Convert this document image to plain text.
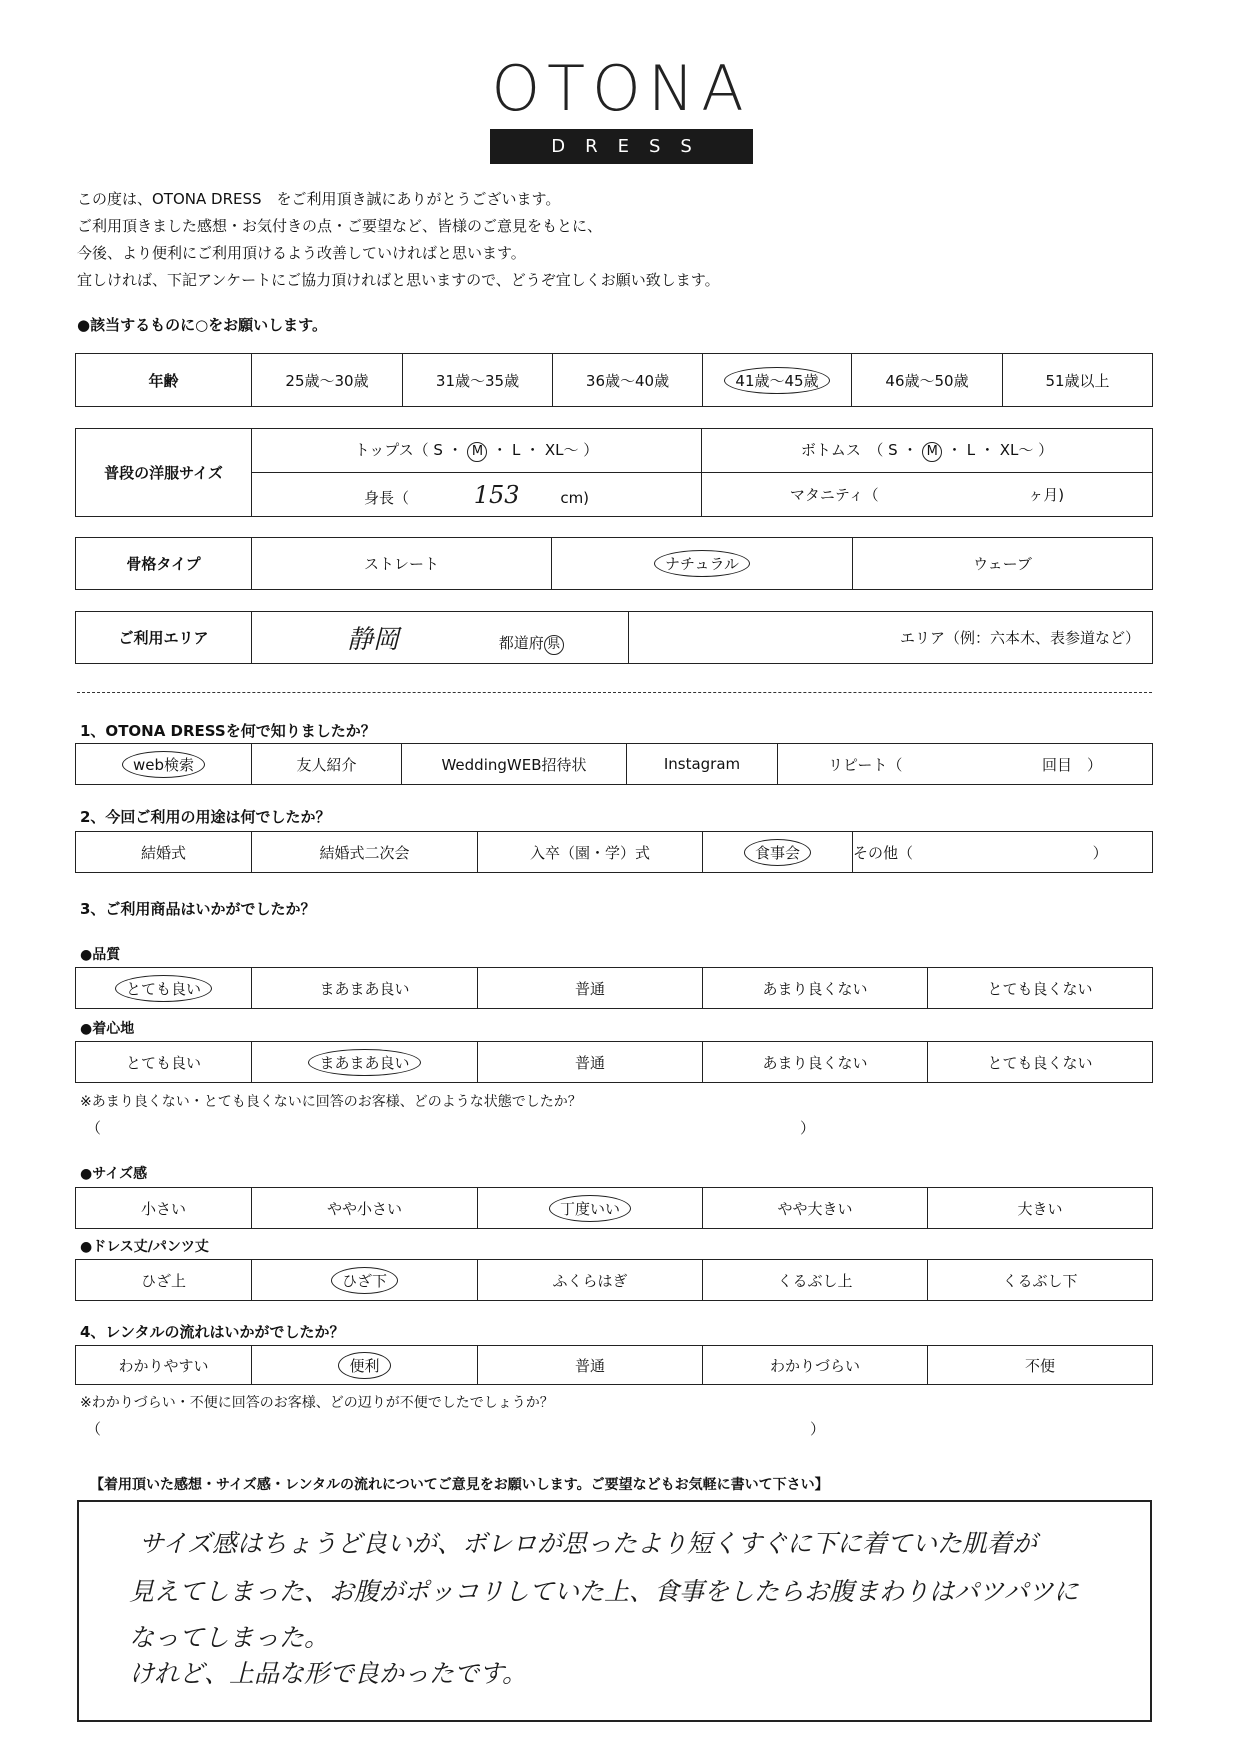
OTONA
DRESS
この度は、OTONA DRESS　をご利用頂き誠にありがとうございます。
ご利用頂きました感想・お気付きの点・ご要望など、皆様のご意見をもとに、
今後、より便利にご利用頂けるよう改善していければと思います。
宜しければ、下記アンケートにご協力頂ければと思いますので、どうぞ宜しくお願い致します。
●該当するものに○をお願いします。
年齢	25歳～30歳	31歳～35歳	36歳～40歳	41歳～45歳	46歳～50歳	51歳以上
普段の洋服サイズ	トップス（ S ・ M ・ L ・ XL～ ）	ボトムス　（ S ・ M ・ L ・ XL～ ）
	身長（ 153 cm)	マタニティ（ ヶ月)
骨格タイプ	ストレート	ナチュラル	ウェーブ
ご利用エリア	静岡	都道府 県	エリア（例：六本木、表参道など）
1、OTONA DRESSを何で知りましたか？
web検索	友人紹介	WeddingWEB招待状	Instagram	リピート（	回目　）
2、今回ご利用の用途は何でしたか？
結婚式	結婚式二次会	入卒（園・学）式	食事会	その他（	）
3、ご利用商品はいかがでしたか？
●品質
とても良い	まあまあ良い	普通	あまり良くない	とても良くない
●着心地
とても良い	まあまあ良い	普通	あまり良くない	とても良くない
※あまり良くない・とても良くないに回答のお客様、どのような状態でしたか？
（	）
●サイズ感
小さい	やや小さい	丁度いい	やや大きい	大きい
●ドレス丈/パンツ丈
ひざ上	ひざ下	ふくらはぎ	くるぶし上	くるぶし下
4、レンタルの流れはいかがでしたか？
わかりやすい	便利	普通	わかりづらい	不便
※わかりづらい・不便に回答のお客様、どの辺りが不便でしたでしょうか？
（	）
【着用頂いた感想・サイズ感・レンタルの流れについてご意見をお願いします。ご要望などもお気軽に書いて下さい】
サイズ感はちょうど良いが、ボレロが思ったより短くすぐに下に着ていた肌着が
見えてしまった、お腹がポッコリしていた上、食事をしたらお腹まわりはパツパツに
なってしまった。
けれど、上品な形で良かったです。
